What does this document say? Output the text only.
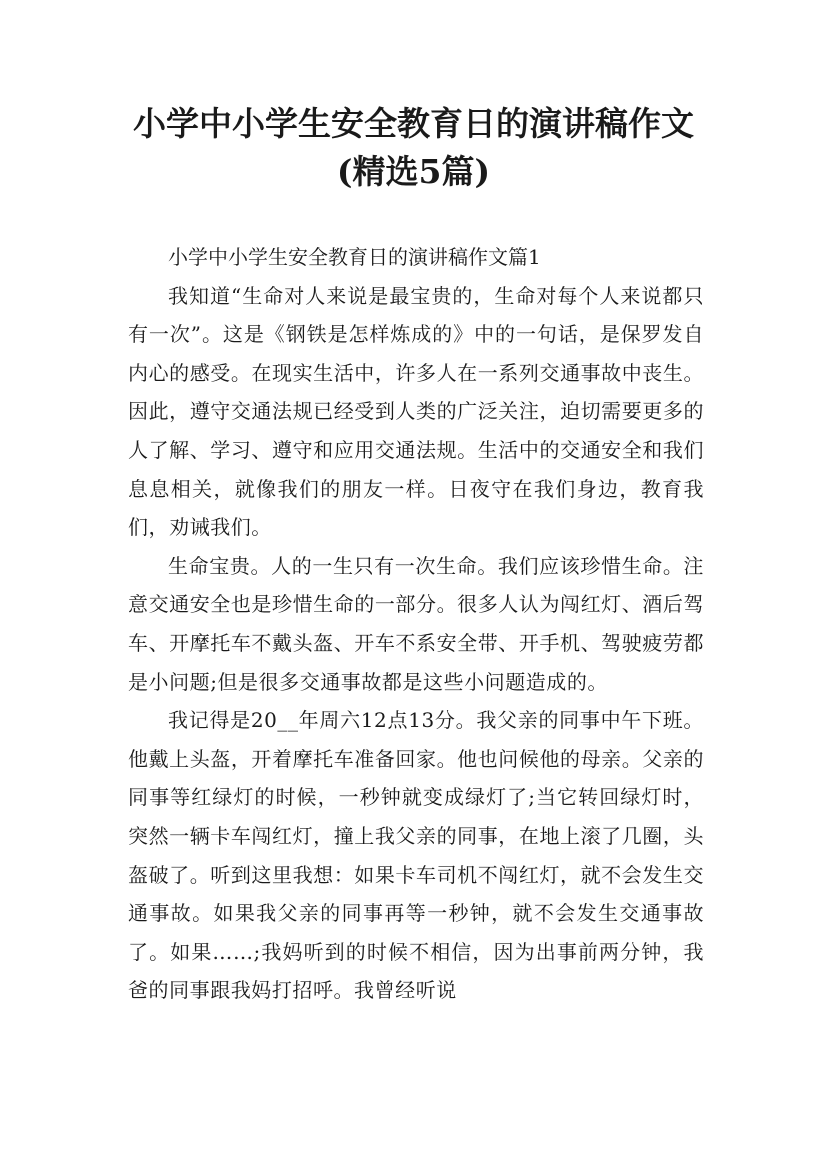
小学中小学生安全教育日的演讲稿作文(精选5篇)

小学中小学生安全教育日的演讲稿作文篇1

我知道“生命对人来说是最宝贵的，生命对每个人来说都只有一次”。这是《钢铁是怎样炼成的》中的一句话，是保罗发自内心的感受。在现实生活中，许多人在一系列交通事故中丧生。因此，遵守交通法规已经受到人类的广泛关注，迫切需要更多的人了解、学习、遵守和应用交通法规。生活中的交通安全和我们息息相关，就像我们的朋友一样。日夜守在我们身边，教育我们，劝诫我们。

生命宝贵。人的一生只有一次生命。我们应该珍惜生命。注意交通安全也是珍惜生命的一部分。很多人认为闯红灯、酒后驾车、开摩托车不戴头盔、开车不系安全带、开手机、驾驶疲劳都是小问题;但是很多交通事故都是这些小问题造成的。

我记得是20__年周六12点13分。我父亲的同事中午下班。他戴上头盔，开着摩托车准备回家。他也问候他的母亲。父亲的同事等红绿灯的时候，一秒钟就变成绿灯了;当它转回绿灯时，突然一辆卡车闯红灯，撞上我父亲的同事，在地上滚了几圈，头盔破了。听到这里我想：如果卡车司机不闯红灯，就不会发生交通事故。如果我父亲的同事再等一秒钟，就不会发生交通事故了。如果……;我妈听到的时候不相信，因为出事前两分钟，我爸的同事跟我妈打招呼。我曾经听说
